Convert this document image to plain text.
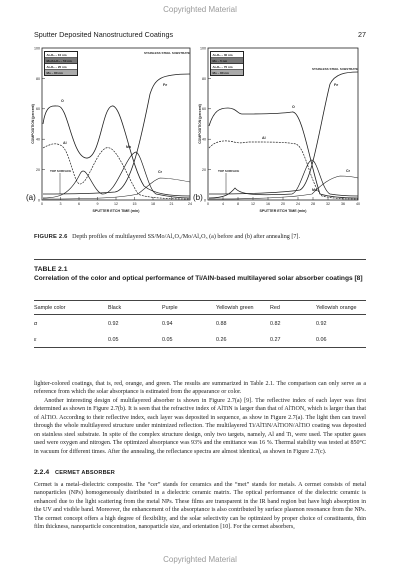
Copyrighted Material
Sputter Deposited Nanostructured Coatings	27
0
20
40
60
80
100
0	3	6	9	12	15	18	21	24
SPUTTER ETCH TIME (min)
COMPOSITION (percent)
Al₂O₃ – 10 nm
Mo/Al₂O₃ – 50 nm
Al₂O₃ – 20 nm
Mo – 80 nm
STAINLESS STEEL SUBSTRATE
TOP SURFACE
O
Al
Mo
Cr
Fe
(a)	0
20
40
60
80
100
0	4	8	12	16	20	24	28	32	36	40
SPUTTER ETCH TIME (min)
COMPOSITION (percent)
Al₂O₃ – 30 nm
Mo – 5 nm
Al₂O₃ – 70 nm
Mo – 80 nm
STAINLESS STEEL SUBSTRATE
TOP SURFACE
O
Al
Mo
Cr
Fe
(b)
FIGURE 2.6 Depth profiles of multilayered SS/Mo/Al₂O₃/Mo/Al₂O₃ (a) before and (b) after annealing [7].
TABLE 2.1
Correlation of the color and optical performance of Ti/AlN-based multilayered solar absorber coatings [8]
Sample color	Black	Purple	Yellowish green	Red	Yellowish orange
α	0.92	0.94	0.88	0.82	0.92
ε	0.05	0.05	0.26	0.27	0.06

lighter-colored coatings, that is, red, orange, and green. The results are summarized in Table 2.1. The comparison can only serve as a reference from which the solar absorptance is estimated from the appearance or color.

Another interesting design of multilayered absorber is shown in Figure 2.7(a) [9]. The reflective index of each layer was first determined as shown in Figure 2.7(b). It is seen that the refractive index of AlTiN is larger than that of AlTiON, which is larger than that of AlTiO. According to their reflective index, each layer was deposited in sequence, as show in Figure 2.7(a). The light then can travel through the whole multilayered structure under minimized reflection. The multilayered Ti/AlTiN/AlTiON/AlTiO coating was deposited on stainless steel substrate. In spite of the complex structure design, only two targets, namely, Al and Ti, were used. The sputter gases used were oxygen and nitrogen. The optimized absorptance was 93% and the emittance was 16 %. Thermal stability was tested at 850°C in vacuum for different times. After the annealing, the reflectance spectra are almost identical, as shown in Figure 2.7(c).

2.2.4 CERMET ABSORBER

Cermet is a metal–dielectric composite. The “cer” stands for ceramics and the “met” stands for metals. A cermet consists of metal nanoparticles (NPs) homogeneously distributed in a dielectric ceramic matrix. The optical performance of the dielectric ceramic is enhanced due to the light scattering from the metal NPs. These films are transparent in the IR band region but have high absorption in the UV and visible band. Moreover, the enhancement of the absorptance is also contributed by surface plasmon resonance from the NPs. The cermet concept offers a high degree of flexibility, and the solar selectivity can be optimized by proper choice of constituents, thin film thickness, nanoparticle concentration, nanoparticle size, and orientation [10]. For the cermet absorbers,

Copyrighted Material
